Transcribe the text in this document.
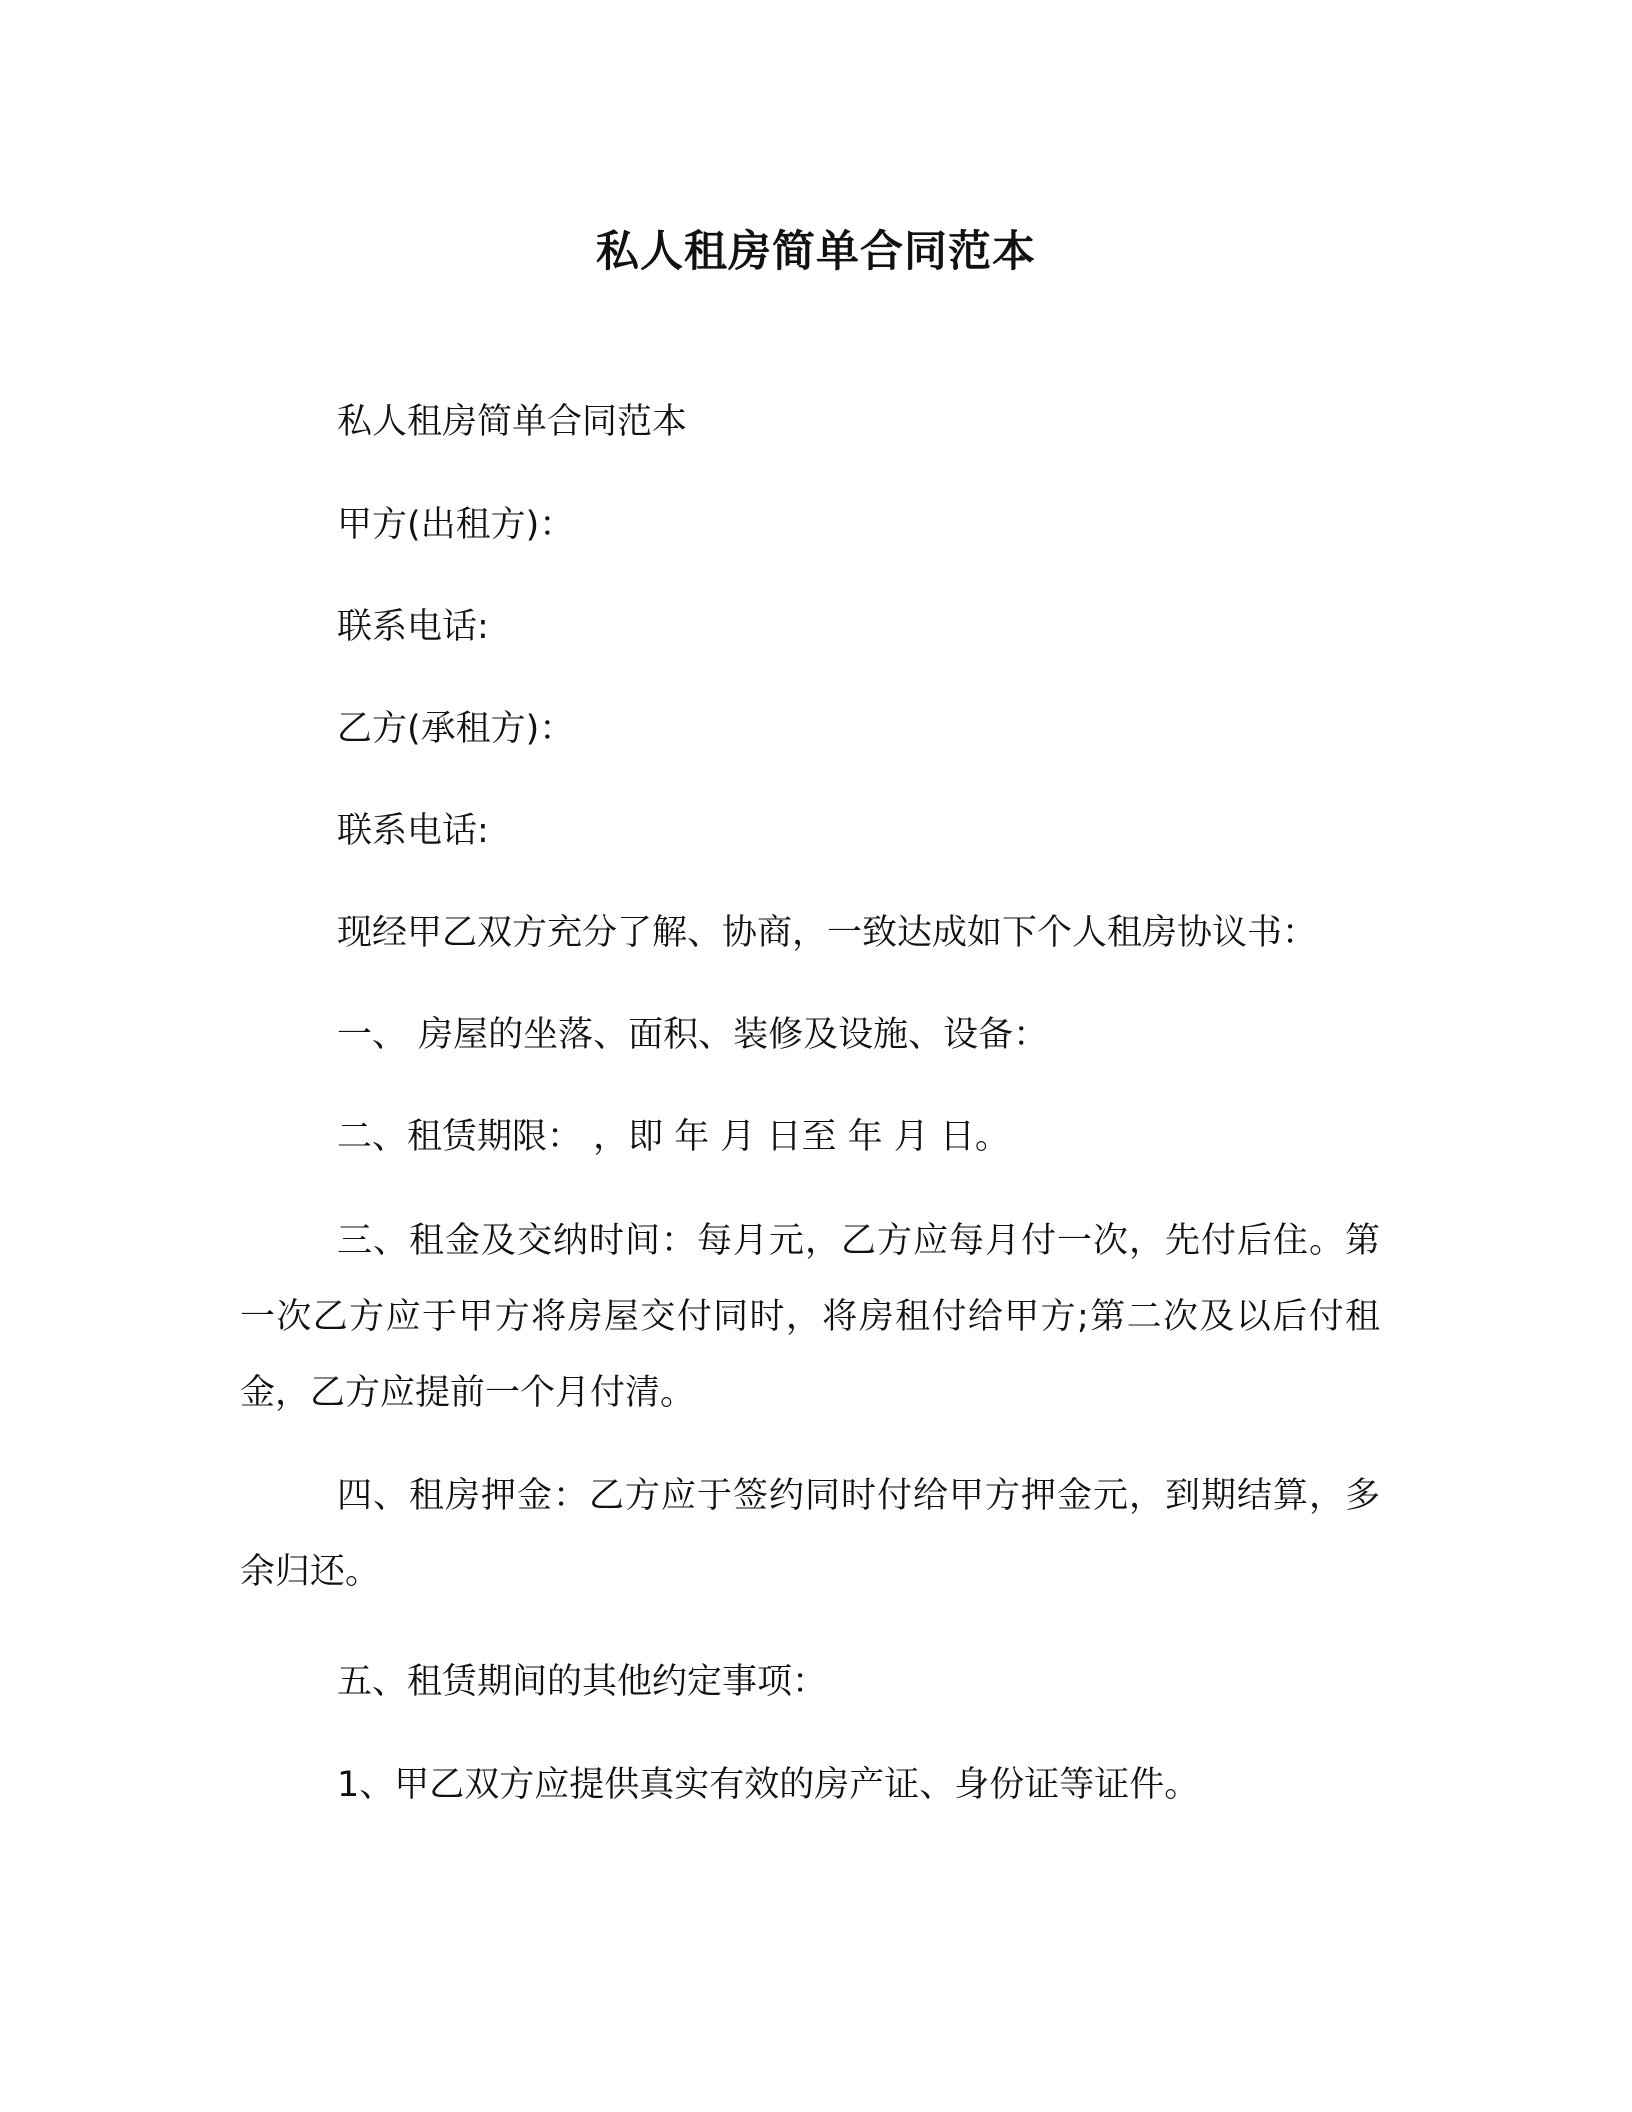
私人租房简单合同范本
私人租房简单合同范本
甲方(出租方)：
联系电话:
乙方(承租方)：
联系电话:
现经甲乙双方充分了解、协商，一致达成如下个人租房协议书：
一、 房屋的坐落、面积、装修及设施、设备：
二、租赁期限： ，即 年 月 日至 年 月 日。

三、租金及交纳时间：每月元，乙方应每月付一次，先付后住。第一次乙方应于甲方将房屋交付同时，将房租付给甲方;第二次及以后付租金，乙方应提前一个月付清。

四、租房押金：乙方应于签约同时付给甲方押金元，到期结算，多余归还。

五、租赁期间的其他约定事项：
1、甲乙双方应提供真实有效的房产证、身份证等证件。
